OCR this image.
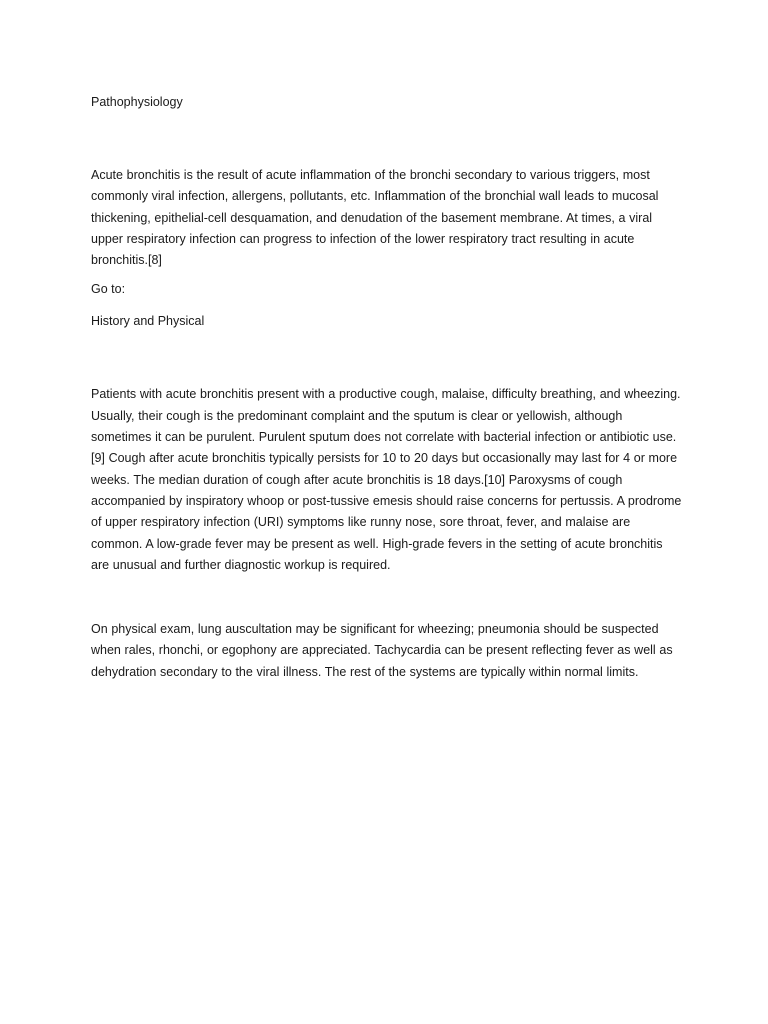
Pathophysiology

Acute bronchitis is the result of acute inflammation of the bronchi secondary to various triggers, most commonly viral infection, allergens, pollutants, etc. Inflammation of the bronchial wall leads to mucosal thickening, epithelial-cell desquamation, and denudation of the basement membrane. At times, a viral upper respiratory infection can progress to infection of the lower respiratory tract resulting in acute bronchitis.[8]

Go to:

History and Physical

Patients with acute bronchitis present with a productive cough, malaise, difficulty breathing, and wheezing. Usually, their cough is the predominant complaint and the sputum is clear or yellowish, although sometimes it can be purulent. Purulent sputum does not correlate with bacterial infection or antibiotic use.[9] Cough after acute bronchitis typically persists for 10 to 20 days but occasionally may last for 4 or more weeks. The median duration of cough after acute bronchitis is 18 days.[10] Paroxysms of cough accompanied by inspiratory whoop or post-tussive emesis should raise concerns for pertussis. A prodrome of upper respiratory infection (URI) symptoms like runny nose, sore throat, fever, and malaise are common. A low-grade fever may be present as well. High-grade fevers in the setting of acute bronchitis are unusual and further diagnostic workup is required.

On physical exam, lung auscultation may be significant for wheezing; pneumonia should be suspected when rales, rhonchi, or egophony are appreciated. Tachycardia can be present reflecting fever as well as dehydration secondary to the viral illness. The rest of the systems are typically within normal limits.
